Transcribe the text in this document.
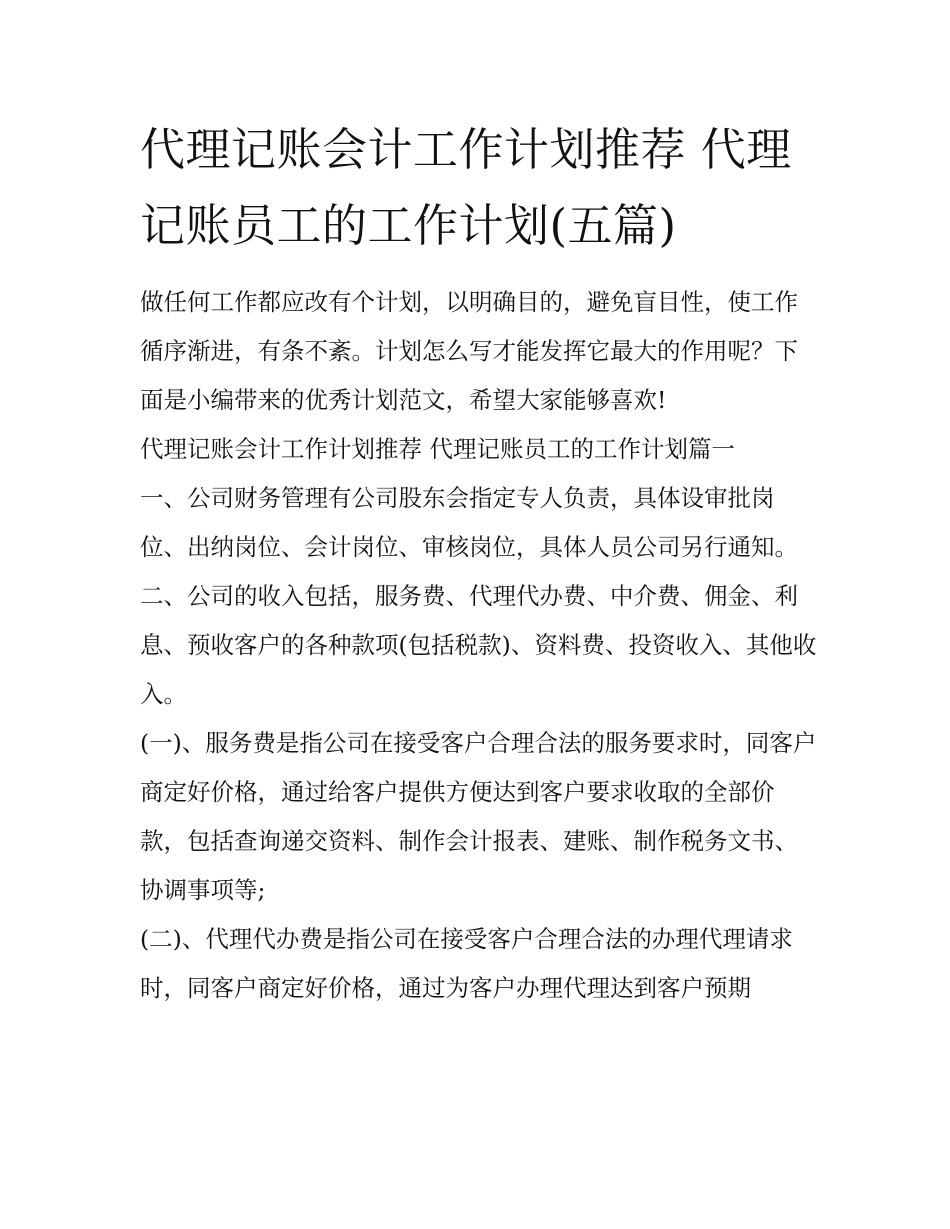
代理记账会计工作计划推荐 代理记账员工的工作计划(五篇)

做任何工作都应改有个计划，以明确目的，避免盲目性，使工作循序渐进，有条不紊。计划怎么写才能发挥它最大的作用呢？下面是小编带来的优秀计划范文，希望大家能够喜欢!

代理记账会计工作计划推荐 代理记账员工的工作计划篇一

一、公司财务管理有公司股东会指定专人负责，具体设审批岗位、出纳岗位、会计岗位、审核岗位，具体人员公司另行通知。

二、公司的收入包括，服务费、代理代办费、中介费、佣金、利息、预收客户的各种款项(包括税款)、资料费、投资收入、其他收入。

(一)、服务费是指公司在接受客户合理合法的服务要求时，同客户商定好价格，通过给客户提供方便达到客户要求收取的全部价款，包括查询递交资料、制作会计报表、建账、制作税务文书、协调事项等;

(二)、代理代办费是指公司在接受客户合理合法的办理代理请求时，同客户商定好价格，通过为客户办理代理达到客户预期
